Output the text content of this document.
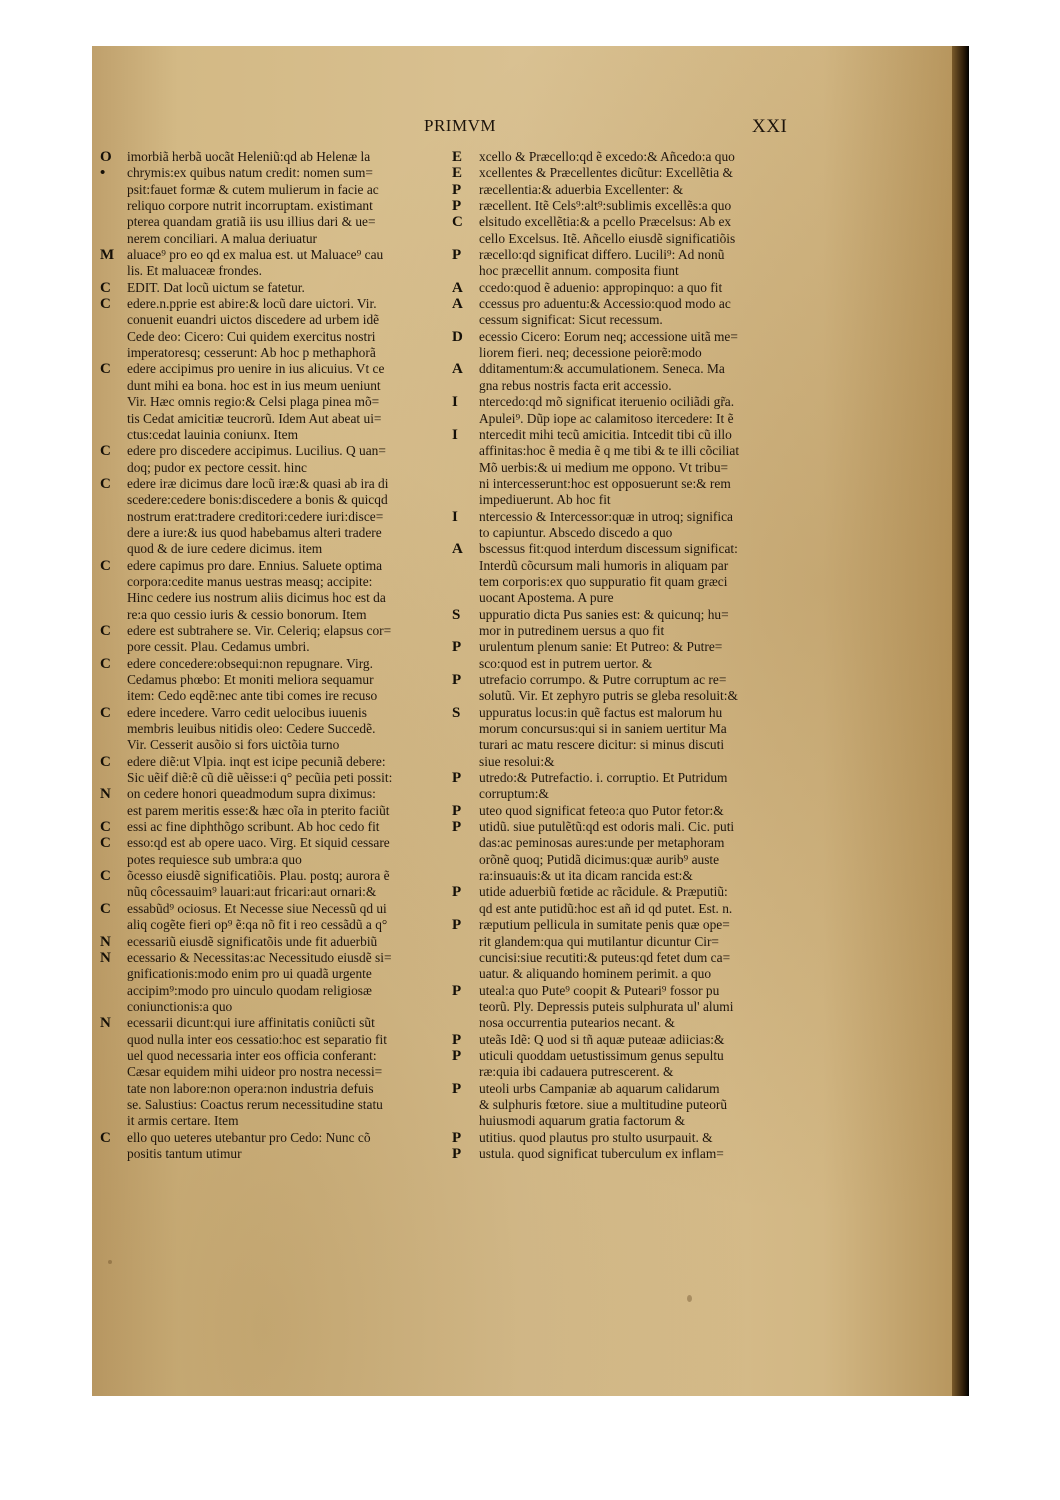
PRIMVM	XXI

O	imorbiã herbã uocãt Heleniũ:qd ab Helenæ la
•	chrymis:ex quibus natum credit: nomen sum=
psit:fauet formæ & cutem mulierum in facie ac
reliquo corpore nutrit incorruptam. existimant
pterea quandam gratiã iis usu illius dari & ue=
nerem conciliari. A malua deriuatur
M aluace⁹ pro eo qd ex malua est. ut Maluace⁹ cau
lis. Et maluaceæ frondes.
C	EDIT. Dat locũ uictum se fatetur.
C	edere.n.pprie est abire:& locũ dare uictori. Vir.
conuenit euandri uictos discedere ad urbem idẽ
Cede deo: Cicero: Cui quidem exercitus nostri
imperatoresq; cesserunt: Ab hoc p methaphorã
C	edere accipimus pro uenire in ius alicuius. Vt ce
dunt mihi ea bona. hoc est in ius meum ueniunt
Vir. Hæc omnis regio:& Celsi plaga pinea mõ=
tis Cedat amicitiæ teucrorũ. Idem Aut abeat ui=
ctus:cedat lauinia coniunx. Item
C	edere pro discedere accipimus. Lucilius. Q uan=
doq; pudor ex pectore cessit. hinc
C	edere iræ dicimus dare locũ iræ:& quasi ab ira di
scedere:cedere bonis:discedere a bonis & quicqd
nostrum erat:tradere creditori:cedere iuri:disce=
dere a iure:& ius quod habebamus alteri tradere
quod & de iure cedere dicimus. item
C	edere capimus pro dare. Ennius. Saluete optima
corpora:cedite manus uestras measq; accipite:
Hinc cedere ius nostrum aliis dicimus hoc est da
re:a quo cessio iuris & cessio bonorum. Item
C	edere est subtrahere se. Vir. Celeriq; elapsus cor=
pore cessit. Plau. Cedamus umbri.
C	edere concedere:obsequi:non repugnare. Virg.
Cedamus phœbo: Et moniti meliora sequamur
item: Cedo eqdẽ:nec ante tibi comes ire recuso
C	edere incedere. Varro cedit uelocibus iuuenis
membris leuibus nitidis oleo: Cedere Succedẽ.
Vir. Cesserit ausõio si fors uictõia turno
C	edere diẽ:ut Vlpia. inqt est icipe pecuniã debere:
Sic uẽif diẽ:ẽ cũ diẽ uẽisse:i q° pecũia peti possit:
N	on cedere honori queadmodum supra diximus:
est parem meritis esse:& hæc oĩa in pterito faciũt
C	essi ac fine diphthõgo scribunt. Ab hoc cedo fit
C	esso:qd est ab opere uaco. Virg. Et siquid cessare
potes requiesce sub umbra:a quo
C	õcesso eiusdẽ significatiõis. Plau. postq; aurora ẽ
nũq côcessauim⁹ lauari:aut fricari:aut ornari:&
C	essabũd⁹ ociosus. Et Necesse siue Necessũ qd ui
aliq cogẽte fieri op⁹ ẽ:qa nõ fit i reo cessãdũ a q°
N	ecessariũ eiusdẽ significatõis unde fit aduerbiũ
N	ecessario & Necessitas:ac Necessitudo eiusdẽ si=
gnificationis:modo enim pro ui quadã urgente
accipim⁹:modo pro uinculo quodam religiosæ
coniunctionis:a quo
N	ecessarii dicunt:qui iure affinitatis coniũcti sũt
quod nulla inter eos cessatio:hoc est separatio fit
uel quod necessaria inter eos officia conferant:
Cæsar equidem mihi uideor pro nostra necessi=
tate non labore:non opera:non industria defuis
se. Salustius: Coactus rerum necessitudine statu
it armis certare. Item
C	ello quo ueteres utebantur pro Cedo: Nunc cõ
positis tantum utimur
E	xcello & Præcello:qd ẽ excedo:& Añcedo:a quo
E	xcellentes & Præcellentes dicũtur: Excellẽtia &
P	ræcellentia:& aduerbia Excellenter: &
P	ræcellent. Itẽ Cels⁹:alt⁹:sublimis excellẽs:a quo
C	elsitudo excellẽtia:& a pcello Præcelsus: Ab ex
cello Excelsus. Itẽ. Añcello eiusdẽ significatiõis
P	ræcello:qd significat differo. Lucili⁹: Ad nonũ
hoc præcellit annum. composita fiunt
A	ccedo:quod ẽ aduenio: appropinquo: a quo fit
A	ccessus pro aduentu:& Accessio:quod modo ac
cessum significat: Sicut recessum.
D	ecessio Cicero: Eorum neq; accessione uitã me=
liorem fieri. neq; decessione peiorẽ:modo
A	dditamentum:& accumulationem. Seneca. Ma
gna rebus nostris facta erit accessio.
I	ntercedo:qd mõ significat iteruenio ociliãdi gr̃a.
Apulei⁹. Dũp iope ac calamitoso itercedere: It ẽ
I	ntercedit mihi tecũ amicitia. Intcedit tibi cũ illo
affinitas:hoc ẽ media ẽ q me tibi & te illi cõciliat
Mõ uerbis:& ui medium me oppono. Vt tribu=
ni intercesserunt:hoc est opposuerunt se:& rem
impediuerunt. Ab hoc fit
I	ntercessio & Intercessor:quæ in utroq; significa
to capiuntur. Abscedo discedo a quo
A	bscessus fit:quod interdum discessum significat:
Interdũ cõcursum mali humoris in aliquam par
tem corporis:ex quo suppuratio fit quam græci
uocant Apostema. A pure
S	uppuratio dicta Pus sanies est: & quicunq; hu=
mor in putredinem uersus a quo fit
P	urulentum plenum sanie: Et Putreo: & Putre=
sco:quod est in putrem uertor. &
P	utrefacio corrumpo. & Putre corruptum ac re=
solutũ. Vir. Et zephyro putris se gleba resoluit:&
S	uppuratus locus:in quẽ factus est malorum hu
morum concursus:qui si in saniem uertitur Ma
turari ac matu rescere dicitur: si minus discuti
siue resolui:&
P	utredo:& Putrefactio. i. corruptio. Et Putridum
corruptum:&
P	uteo quod significat feteo:a quo Putor fetor:&
P	utidũ. siue putulẽtũ:qd est odoris mali. Cic. puti
das:ac peminosas aures:unde per metaphoram
orõnẽ quoq; Putidã dicimus:quæ aurib⁹ auste
ra:insuauis:& ut ita dicam rancida est:&
P	utide aduerbiũ fœtide ac rãcidule. & Præputiũ:
qd est ante putidũ:hoc est añ id qd putet. Est. n.
P	ræputium pellicula in sumitate penis quæ ope=
rit glandem:qua qui mutilantur dicuntur Cir=
cuncisi:siue recutiti:& puteus:qd fetet dum ca=
uatur. & aliquando hominem perimit. a quo
P	uteal:a quo Pute⁹ coopit & Puteari⁹ fossor pu
teorũ. Ply. Depressis puteis sulphurata ul' alumi
nosa occurrentia putearios necant. &
P	uteãs Idẽ: Q uod si tñ aquæ puteaæ adiicias:&
P	uticuli quoddam uetustissimum genus sepultu
ræ:quia ibi cadauera putrescerent. &
P	uteoli urbs Campaniæ ab aquarum calidarum
& sulphuris fœtore. siue a multitudine puteorũ
huiusmodi aquarum gratia factorum &
P	utitius. quod plautus pro stulto usurpauit. &
P	ustula. quod significat tuberculum ex inflam=
